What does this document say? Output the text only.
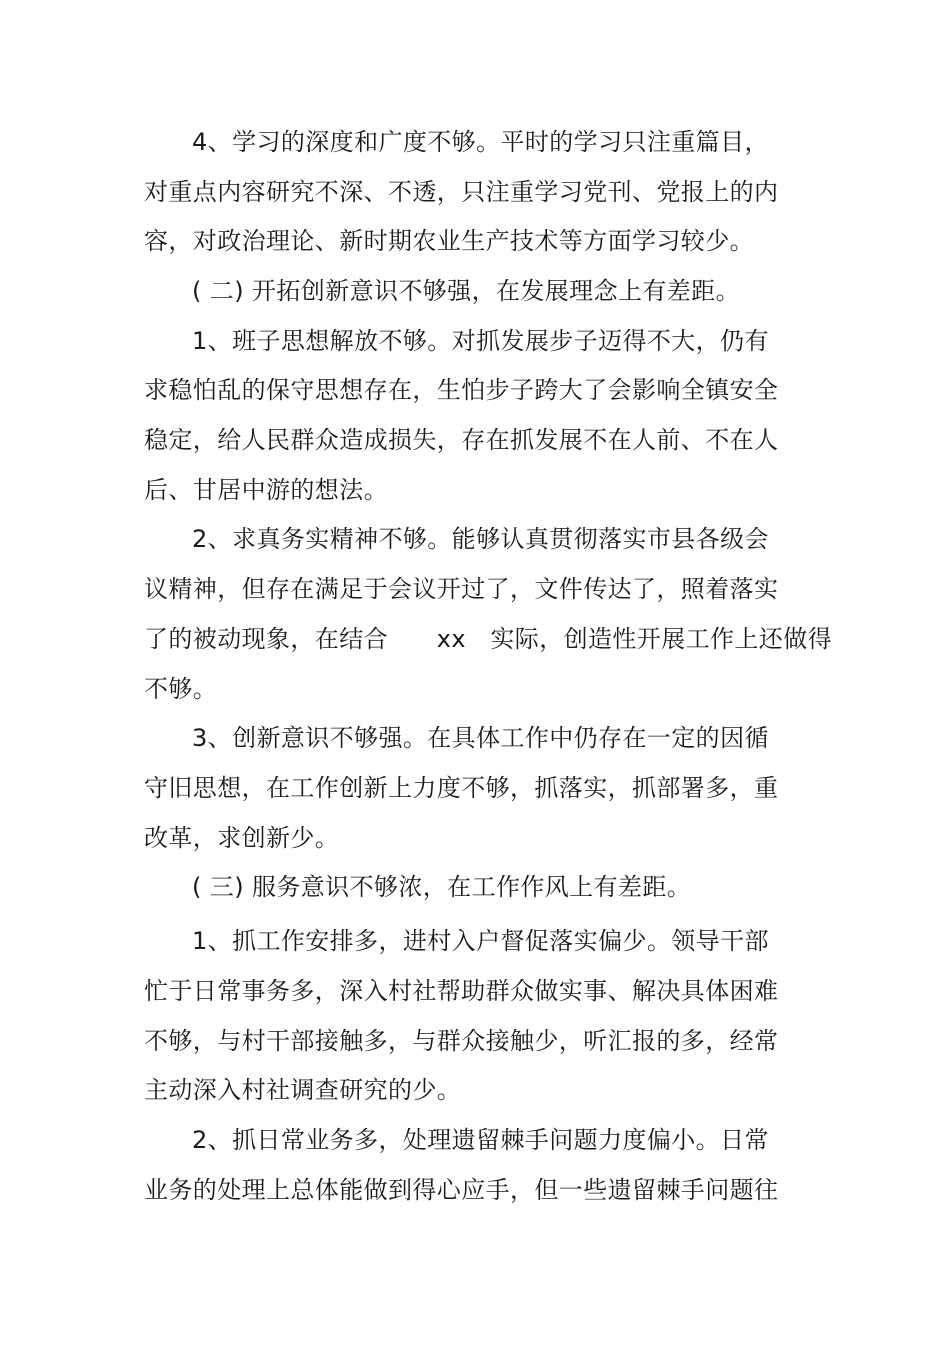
4、学习的深度和广度不够。平时的学习只注重篇目，
对重点内容研究不深、不透，只注重学习党刊、党报上的内
容，对政治理论、新时期农业生产技术等方面学习较少。
( 二) 开拓创新意识不够强，在发展理念上有差距。
1、班子思想解放不够。对抓发展步子迈得不大，仍有
求稳怕乱的保守思想存在，生怕步子跨大了会影响全镇安全
稳定，给人民群众造成损失，存在抓发展不在人前、不在人
后、甘居中游的想法。
2、求真务实精神不够。能够认真贯彻落实市县各级会
议精神，但存在满足于会议开过了，文件传达了，照着落实
了的被动现象，在结合　　xx　实际，创造性开展工作上还做得
不够。
3、创新意识不够强。在具体工作中仍存在一定的因循
守旧思想，在工作创新上力度不够，抓落实，抓部署多，重
改革，求创新少。
( 三) 服务意识不够浓，在工作作风上有差距。
1、抓工作安排多，进村入户督促落实偏少。领导干部
忙于日常事务多，深入村社帮助群众做实事、解决具体困难
不够，与村干部接触多，与群众接触少，听汇报的多，经常
主动深入村社调查研究的少。
2、抓日常业务多，处理遗留棘手问题力度偏小。日常
业务的处理上总体能做到得心应手，但一些遗留棘手问题往
